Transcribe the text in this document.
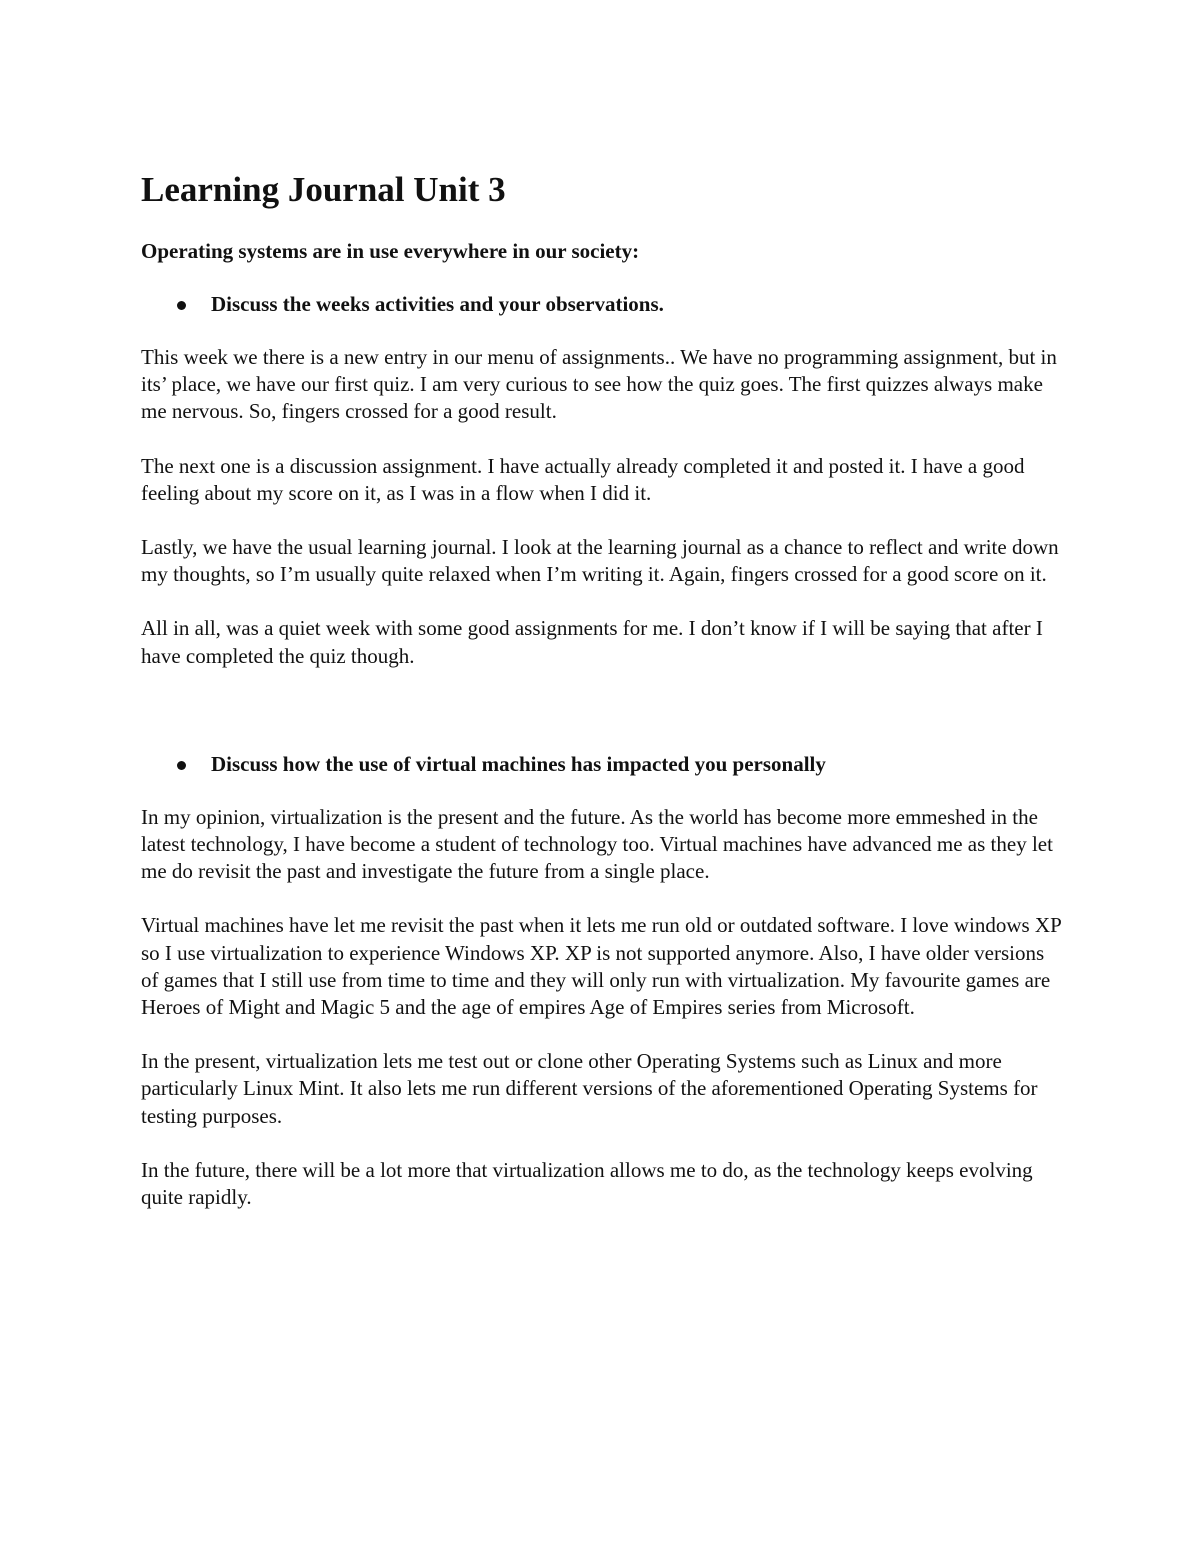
Learning Journal Unit 3

Operating systems are in use everywhere in our society:

Discuss the weeks activities and your observations.

This week we there is a new entry in our menu of assignments.. We have no programming assignment, but in its’ place, we have our first quiz. I am very curious to see how the quiz goes. The first quizzes always make me nervous. So, fingers crossed for a good result.

The next one is a discussion assignment. I have actually already completed it and posted it. I have a good feeling about my score on it, as I was in a flow when I did it.

Lastly, we have the usual learning journal. I look at the learning journal as a chance to reflect and write down my thoughts, so I’m usually quite relaxed when I’m writing it. Again, fingers crossed for a good score on it.

All in all, was a quiet week with some good assignments for me. I don’t know if I will be saying that after I have completed the quiz though.

Discuss how the use of virtual machines has impacted you personally

In my opinion, virtualization is the present and the future. As the world has become more emmeshed in the latest technology, I have become a student of technology too. Virtual machines have advanced me as they let me do revisit the past and investigate the future from a single place.

Virtual machines have let me revisit the past when it lets me run old or outdated software. I love windows XP so I use virtualization to experience Windows XP. XP is not supported anymore. Also, I have older versions of games that I still use from time to time and they will only run with virtualization. My favourite games are Heroes of Might and Magic 5 and the age of empires Age of Empires series from Microsoft.

In the present, virtualization lets me test out or clone other Operating Systems such as Linux and more particularly Linux Mint. It also lets me run different versions of the aforementioned Operating Systems for testing purposes.

In the future, there will be a lot more that virtualization allows me to do, as the technology keeps evolving quite rapidly.
